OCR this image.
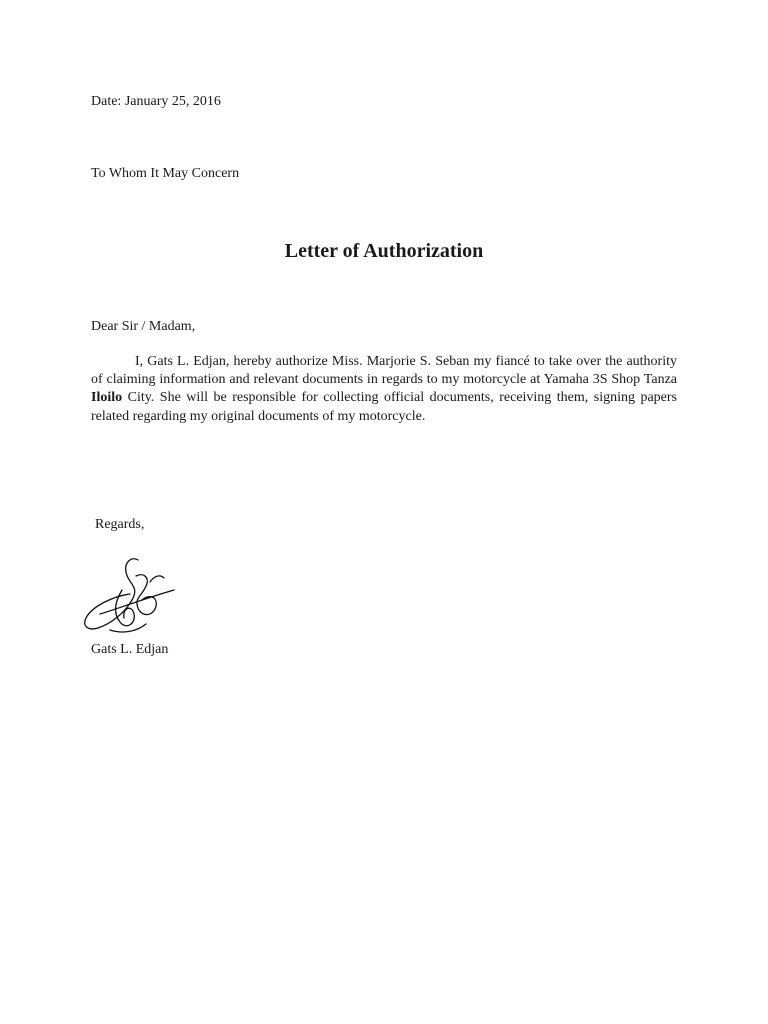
Date: January 25, 2016
To Whom It May Concern
Letter of Authorization
Dear Sir / Madam,
I, Gats L. Edjan, hereby authorize Miss. Marjorie S. Seban my fiancé to take over the authority of claiming information and relevant documents in regards to my motorcycle at Yamaha 3S Shop Tanza Iloilo City. She will be responsible for collecting official documents, receiving them, signing papers related regarding my original documents of my motorcycle.
Regards,
Gats L. Edjan
